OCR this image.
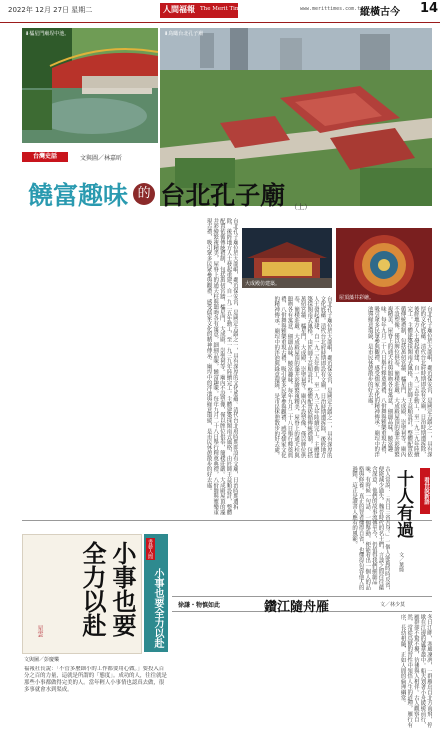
2022年 12月 27日 星期二	人間福報 The Merit Times	www.merittimes.com.tw
縱橫古今 14
⬇櫺星門廟埕中池。	⬇鳥瞰台北孔子廟
台灣史話	文與圖／林嘉昕
饒富趣味 的 台北孔子廟 （上）
台北孔子廟位於大龍峒，鄰近保安宮，是國定古蹟之一，具有深厚的文化底蘊。清代台北府時期即設有文廟，日治時期遭拆除，後經地方人士發起重建，自一九二五年動工，至一九三九年陸續完工。主體建築採閩南式風格，由匠師王益順設計，整體配置依循傳統禮制，包括萬仞宮牆、櫺星門、大成殿、崇聖祠等。廟內不設塑像，僅以牌位供奉，簡樸莊嚴。大成殿屋頂的藻井彩繪繁複精美，屋脊上的通天柱與鴟吻各有寓意，細細品味，饒富趣味。每年九月二十八日舉行釋奠典禮，八佾舞與雅樂重現古禮，吸引眾多民眾參與觀禮，感受儒家文化的精神傳承。廟埕中的泮池與綠意環繞，是市民休憩散步的好去處。	大成殿仿建築。
屋頂藻井彩繪。
台北孔子廟位於大龍峒，鄰近保安宮，是國定古蹟之一，具有深厚的文化底蘊。清代台北府時期即設有文廟，日治時期遭拆除，後經地方人士發起重建，自一九二五年動工，至一九三九年陸續完工。主體建築採閩南式風格，由匠師王益順設計，整體配置依循傳統禮制，包括萬仞宮牆、櫺星門、大成殿、崇聖祠等。廟內不設塑像，僅以牌位供奉，簡樸莊嚴。大成殿屋頂的藻井彩繪繁複精美，屋脊上的通天柱與鴟吻各有寓意，細細品味，饒富趣味。每年九月二十八日舉行釋奠典禮，八佾舞與雅樂重現古禮，吸引眾多民眾參與觀禮，感受儒家文化的精神傳承。廟埕中的泮池與綠意環繞，是市民休憩散步的好去處。
台北孔子廟位於大龍峒，鄰近保安宮，是國定古蹟之一，具有深厚的文化底蘊。清代台北府時期即設有文廟，日治時期遭拆除，後經地方人士發起重建，自一九二五年動工，至一九三九年陸續完工。主體建築採閩南式風格，由匠師王益順設計，整體配置依循傳統禮制，包括萬仞宮牆、櫺星門、大成殿、崇聖祠等。廟內不設塑像，僅以牌位供奉，簡樸莊嚴。大成殿屋頂的藻井彩繪繁複精美，屋脊上的通天柱與鴟吻各有寓意，細細品味，饒富趣味。每年九月二十八日舉行釋奠典禮，八佾舞與雅樂重現古禮，吸引眾多民眾參與觀禮，感受儒家文化的精神傳承。廟埕中的泮池與綠意環繞，是市民休憩散步的好去處。
看世說新語
十人有過
文／葉綺
古人常說：「吾日三省吾身。」一個人能夠時時反省，便能減少過失。魏晉時代的名士們，言談之間往往蘊含深意，他們的故事流傳至今，仍值得我們細細品味。有時候一句話、一個舉動，便能看出一個人的品格與修養。真正的智者懂得自省，也懂得包容他人的過錯，這正是讀書人應有的風範。
徐謙・物慎如此	鑽江隨舟雁	文／林少莫
冬日江畔，寒風凜冽，一群雁鳥自北方南飛，停歇在江邊的蘆葦叢中。船夫划著小舟緩緩前行，雁群卻不驚不擾，彷彿與人相伴。古人觀察自然，常從鳥獸的習性中領悟人生的道理，雁行有序，長幼相隨，正如人間的倫理綱常。
小事也要全力以赴
星雲
書藝人間
小事也要全力以赴
文與圖／彭慶樂
福報社長說：「不管多麼細小的工作都要用心做。」要投入百分之百的力量，這就是所謂的「態度」。成功的人，往往就是那些小事都做得完美的人。當年輕人小事情也認真去做，很多事就會水到渠成。
